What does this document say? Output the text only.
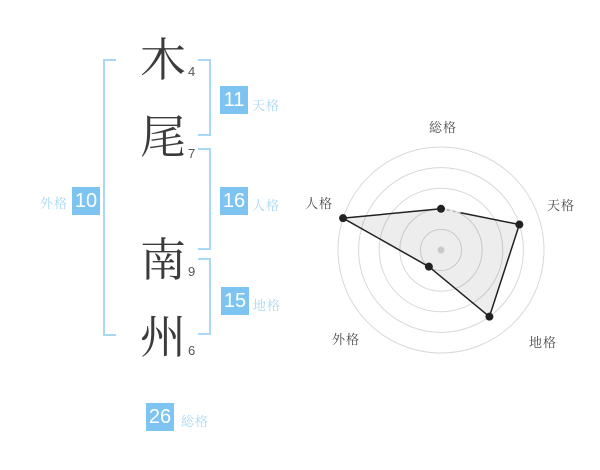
木
尾
南
州
4
7
9
6
11 天格
16 人格
15 地格
外格 10
26 総格
総格
天格
地格
外格
人格
